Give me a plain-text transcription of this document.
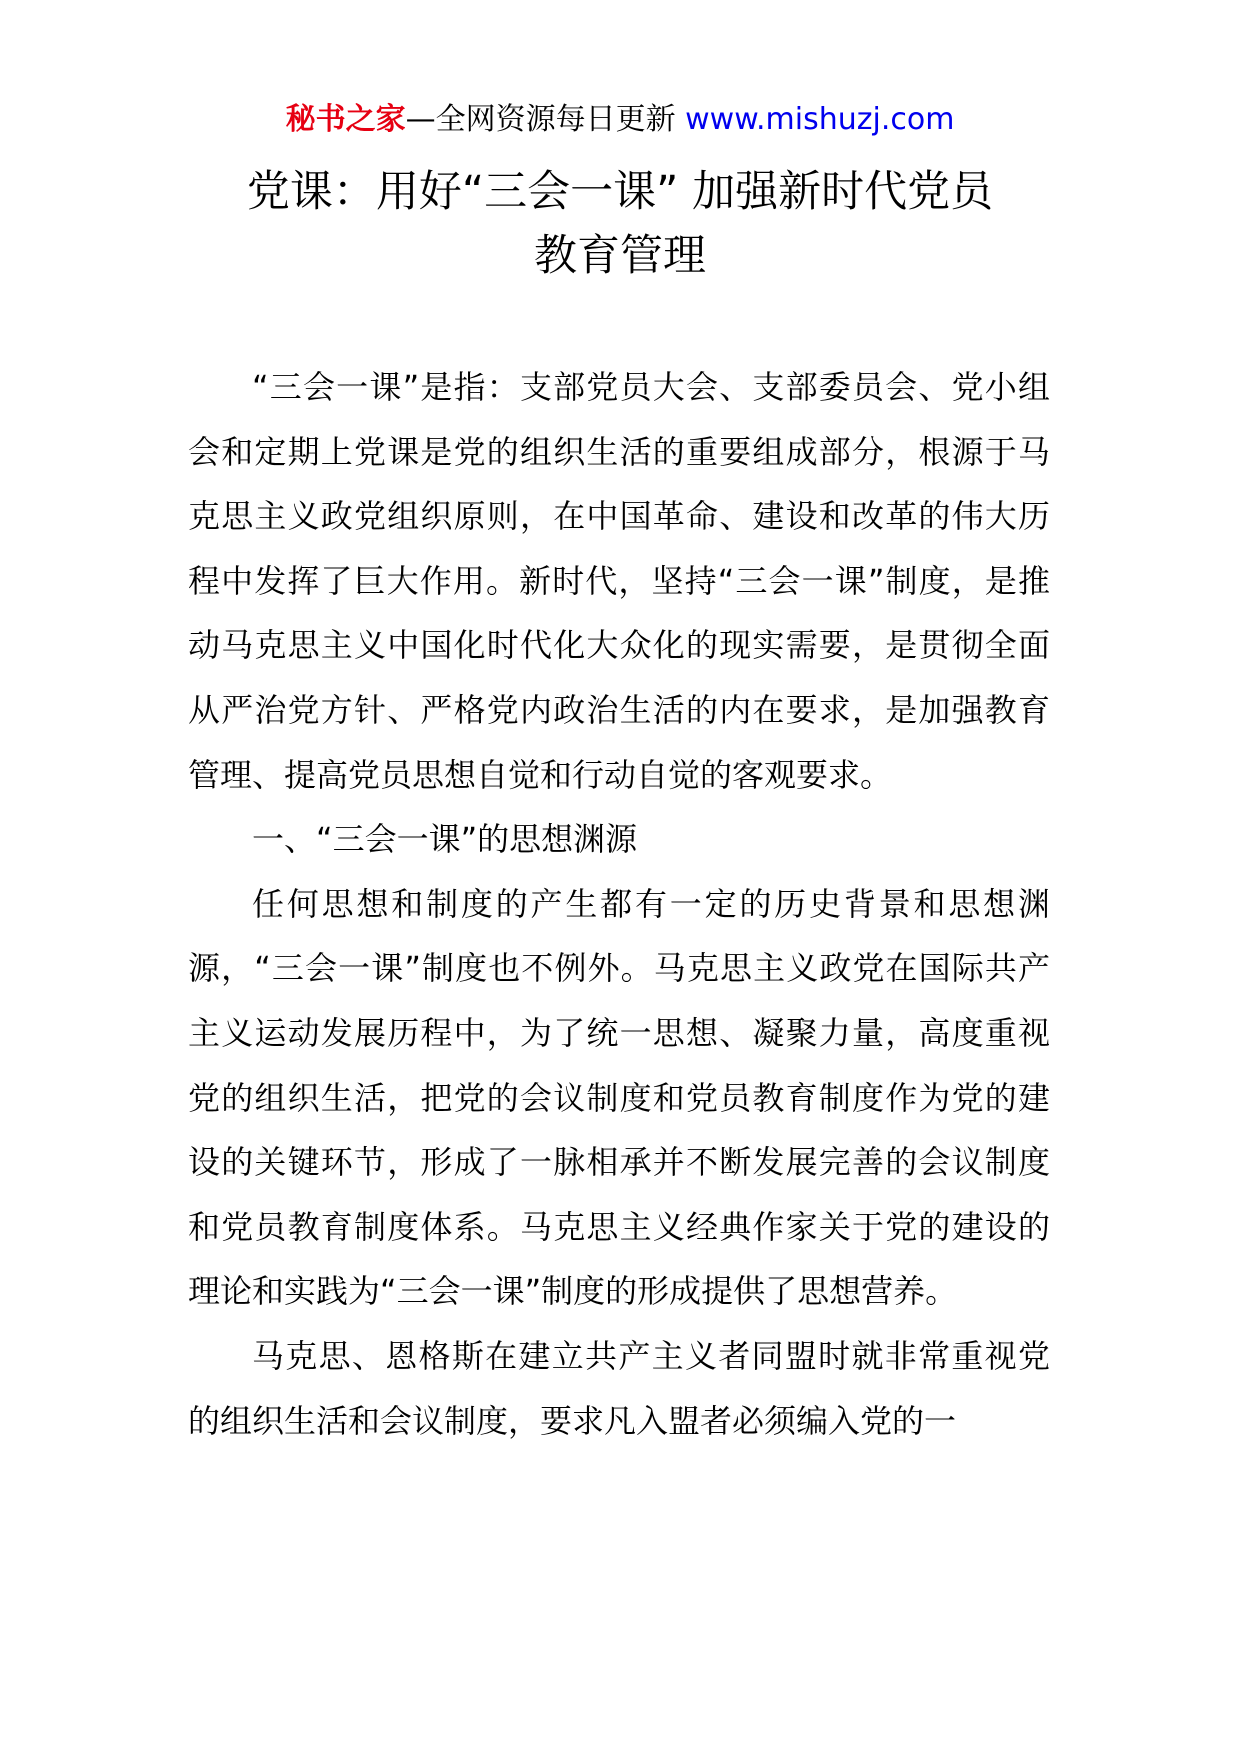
秘书之家—全网资源每日更新 www.mishuzj.com
党课：用好“三会一课” 加强新时代党员
教育管理

“三会一课”是指：支部党员大会、支部委员会、党小组会和定期上党课是党的组织生活的重要组成部分，根源于马克思主义政党组织原则，在中国革命、建设和改革的伟大历程中发挥了巨大作用。新时代，坚持“三会一课”制度，是推动马克思主义中国化时代化大众化的现实需要，是贯彻全面从严治党方针、严格党内政治生活的内在要求，是加强教育管理、提高党员思想自觉和行动自觉的客观要求。

一、“三会一课”的思想渊源

任何思想和制度的产生都有一定的历史背景和思想渊源，“三会一课”制度也不例外。马克思主义政党在国际共产主义运动发展历程中，为了统一思想、凝聚力量，高度重视党的组织生活，把党的会议制度和党员教育制度作为党的建设的关键环节，形成了一脉相承并不断发展完善的会议制度和党员教育制度体系。马克思主义经典作家关于党的建设的理论和实践为“三会一课”制度的形成提供了思想营养。

马克思、恩格斯在建立共产主义者同盟时就非常重视党的组织生活和会议制度，要求凡入盟者必须编入党的一
